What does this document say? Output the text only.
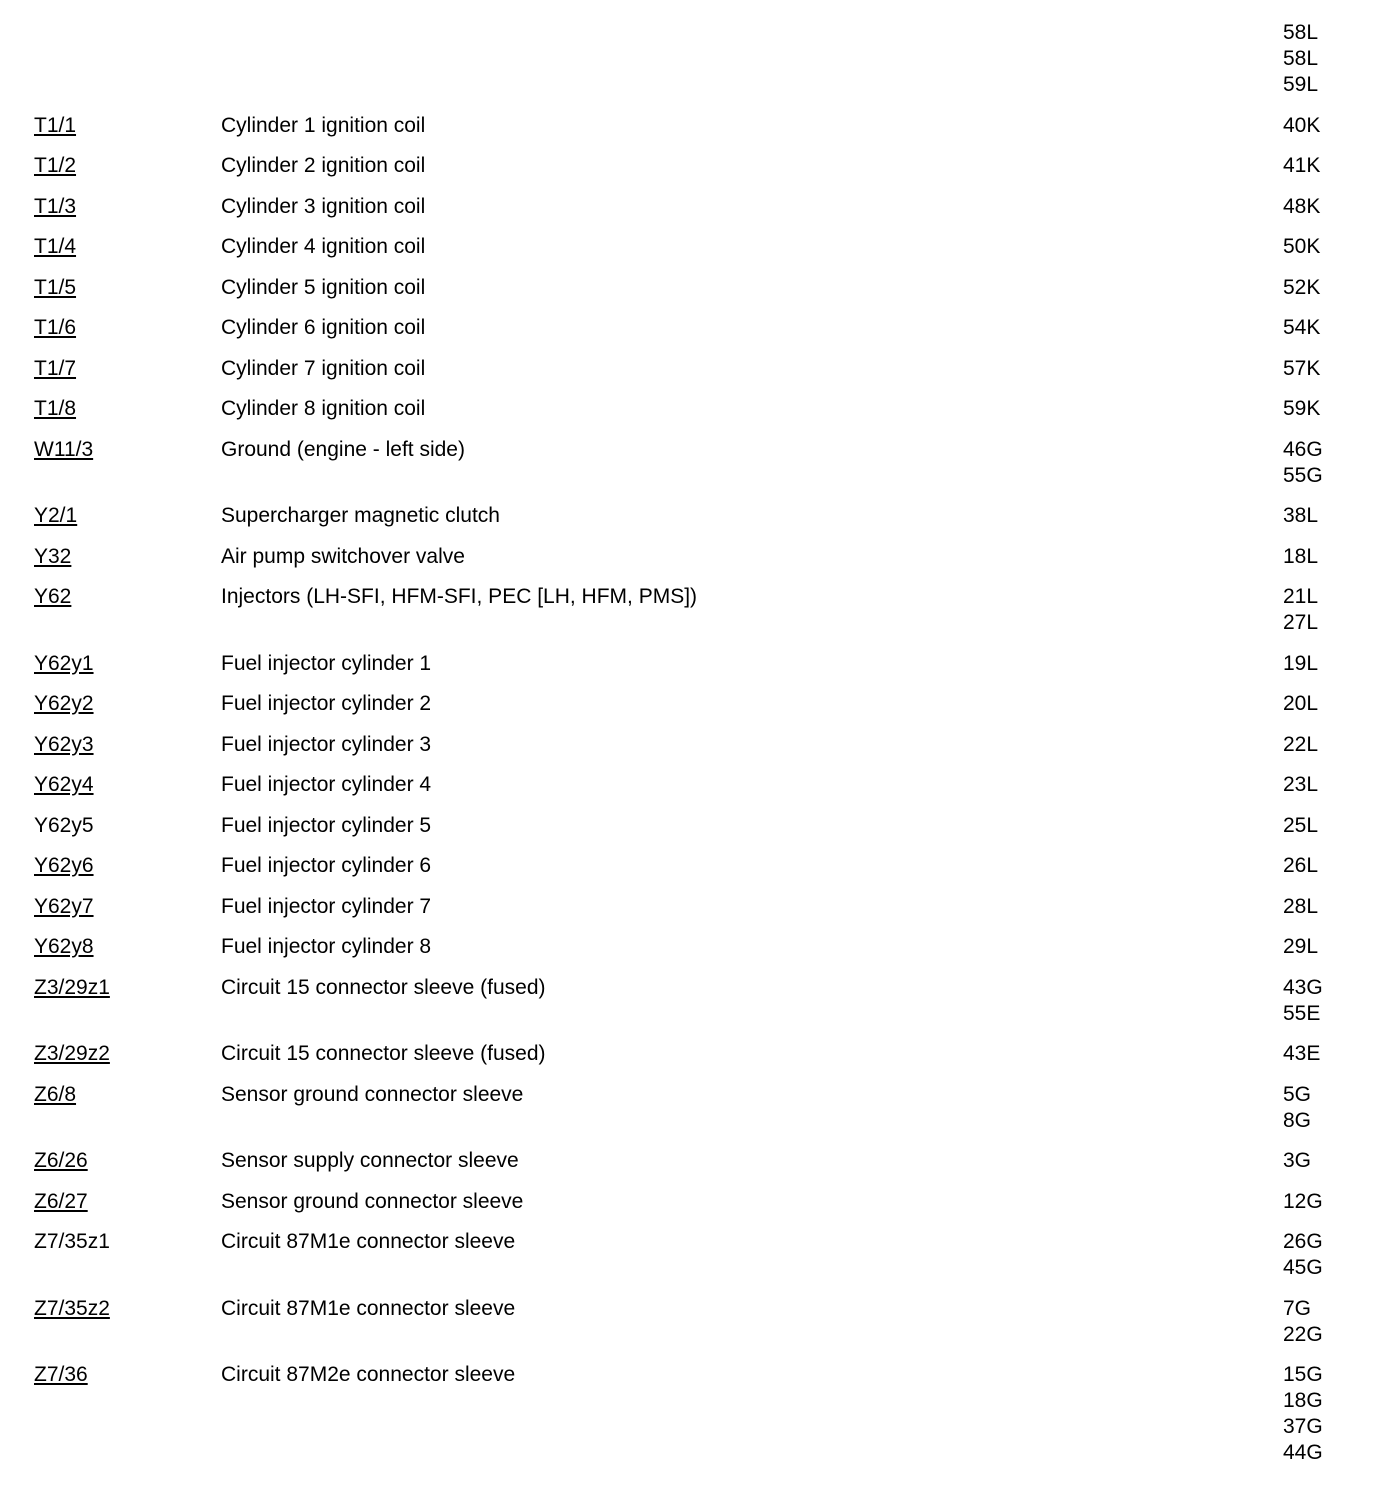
58L
58L
59L
T1/1	Cylinder 1 ignition coil	40K
T1/2	Cylinder 2 ignition coil	41K
T1/3	Cylinder 3 ignition coil	48K
T1/4	Cylinder 4 ignition coil	50K
T1/5	Cylinder 5 ignition coil	52K
T1/6	Cylinder 6 ignition coil	54K
T1/7	Cylinder 7 ignition coil	57K
T1/8	Cylinder 8 ignition coil	59K
W11/3	Ground (engine - left side)	46G
55G
Y2/1	Supercharger magnetic clutch	38L
Y32	Air pump switchover valve	18L
Y62	Injectors (LH-SFI, HFM-SFI, PEC [LH, HFM, PMS])	21L
27L
Y62y1	Fuel injector cylinder 1	19L
Y62y2	Fuel injector cylinder 2	20L
Y62y3	Fuel injector cylinder 3	22L
Y62y4	Fuel injector cylinder 4	23L
Y62y5	Fuel injector cylinder 5	25L
Y62y6	Fuel injector cylinder 6	26L
Y62y7	Fuel injector cylinder 7	28L
Y62y8	Fuel injector cylinder 8	29L
Z3/29z1	Circuit 15 connector sleeve (fused)	43G
55E
Z3/29z2	Circuit 15 connector sleeve (fused)	43E
Z6/8	Sensor ground connector sleeve	5G
8G
Z6/26	Sensor supply connector sleeve	3G
Z6/27	Sensor ground connector sleeve	12G
Z7/35z1	Circuit 87M1e connector sleeve	26G
45G
Z7/35z2	Circuit 87M1e connector sleeve	7G
22G
Z7/36	Circuit 87M2e connector sleeve	15G
18G
37G
44G
